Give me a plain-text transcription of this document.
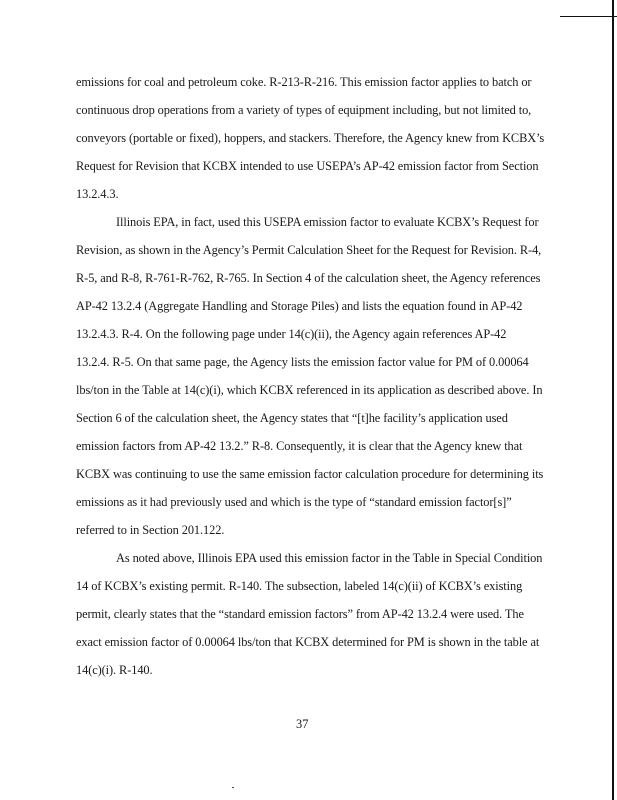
emissions for coal and petroleum coke. R-213-R-216. This emission factor applies to batch or
continuous drop operations from a variety of types of equipment including, but not limited to,
conveyors (portable or fixed), hoppers, and stackers. Therefore, the Agency knew from KCBX’s
Request for Revision that KCBX intended to use USEPA’s AP-42 emission factor from Section
13.2.4.3.
Illinois EPA, in fact, used this USEPA emission factor to evaluate KCBX’s Request for
Revision, as shown in the Agency’s Permit Calculation Sheet for the Request for Revision. R-4,
R-5, and R-8, R-761-R-762, R-765. In Section 4 of the calculation sheet, the Agency references
AP-42 13.2.4 (Aggregate Handling and Storage Piles) and lists the equation found in AP-42
13.2.4.3. R-4. On the following page under 14(c)(ii), the Agency again references AP-42
13.2.4. R-5. On that same page, the Agency lists the emission factor value for PM of 0.00064
lbs/ton in the Table at 14(c)(i), which KCBX referenced in its application as described above. In
Section 6 of the calculation sheet, the Agency states that “[t]he facility’s application used
emission factors from AP-42 13.2.” R-8. Consequently, it is clear that the Agency knew that
KCBX was continuing to use the same emission factor calculation procedure for determining its
emissions as it had previously used and which is the type of “standard emission factor[s]”
referred to in Section 201.122.
As noted above, Illinois EPA used this emission factor in the Table in Special Condition
14 of KCBX’s existing permit. R-140. The subsection, labeled 14(c)(ii) of KCBX’s existing
permit, clearly states that the “standard emission factors” from AP-42 13.2.4 were used. The
exact emission factor of 0.00064 lbs/ton that KCBX determined for PM is shown in the table at
14(c)(i). R-140.
37
